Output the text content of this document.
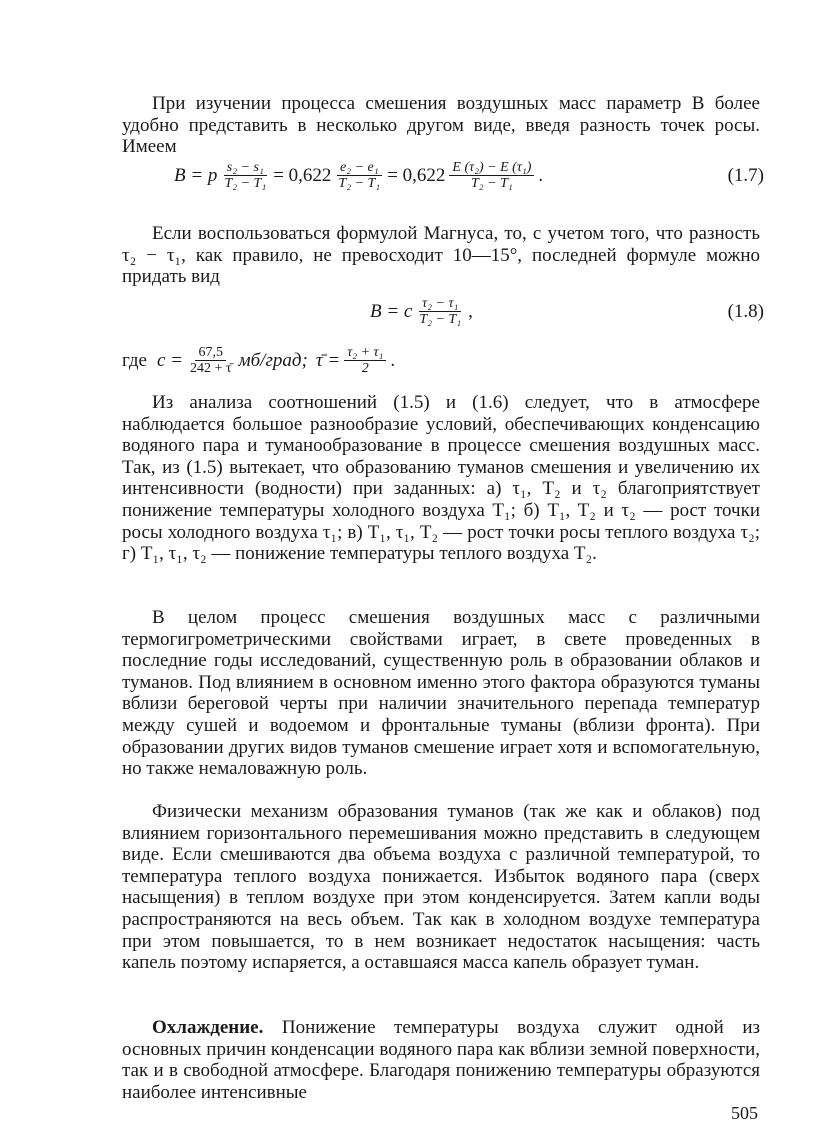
При изучении процесса смешения воздушных масс параметр B более удобно представить в несколько другом виде, введя разность точек росы. Имеем

B = p $\frac{\text{s₂ − s₁}}{\text{T₂ − T₁}} = 0,622 \frac{\text{e₂ − e₁}}{\text{T₂ − T₁}} = 0,622 \frac{\text{E (τ₂) − E (τ₁)}}{\text{T₂ − T₁}}$ .	(1.7)

Если воспользоваться формулой Магнуса, то, с учетом того, что разность τ₂ − τ₁, как правило, не превосходит 10—15°, последней формуле можно придать вид

B = c $\frac{\text{τ₂ − τ₁}}{\text{T₂ − T₁}}$ ,	(1.8)
где $c = \frac{67,5}{242 + \taū}$ мб/град; τ̄ = $\frac{\text{τ₂ + τ₁}}{2}$ .

Из анализа соотношений (1.5) и (1.6) следует, что в атмосфере наблюдается большое разнообразие условий, обеспечивающих конденсацию водяного пара и туманообразование в процессе смешения воздушных масс. Так, из (1.5) вытекает, что образованию туманов смешения и увеличению их интенсивности (водности) при заданных: а) τ₁, T₂ и τ₂ благоприятствует понижение температуры холодного воздуха T₁; б) T₁, T₂ и τ₂ — рост точки росы холодного воздуха τ₁; в) T₁, τ₁, T₂ — рост точки росы теплого воздуха τ₂; г) T₁, τ₁, τ₂ — понижение температуры теплого воздуха T₂.

В целом процесс смешения воздушных масс с различными термогигрометрическими свойствами играет, в свете проведенных в последние годы исследований, существенную роль в образовании облаков и туманов. Под влиянием в основном именно этого фактора образуются туманы вблизи береговой черты при наличии значительного перепада температур между сушей и водоемом и фронтальные туманы (вблизи фронта). При образовании других видов туманов смешение играет хотя и вспомогательную, но также немаловажную роль.

Физически механизм образования туманов (так же как и облаков) под влиянием горизонтального перемешивания можно представить в следующем виде. Если смешиваются два объема воздуха с различной температурой, то температура теплого воздуха понижается. Избыток водяного пара (сверх насыщения) в теплом воздухе при этом конденсируется. Затем капли воды распространяются на весь объем. Так как в холодном воздухе температура при этом повышается, то в нем возникает недостаток насыщения: часть капель поэтому испаряется, а оставшаяся масса капель образует туман.

Охлаждение. Понижение температуры воздуха служит одной из основных причин конденсации водяного пара как вблизи земной поверхности, так и в свободной атмосфере. Благодаря понижению температуры образуются наиболее интенсивные

505
